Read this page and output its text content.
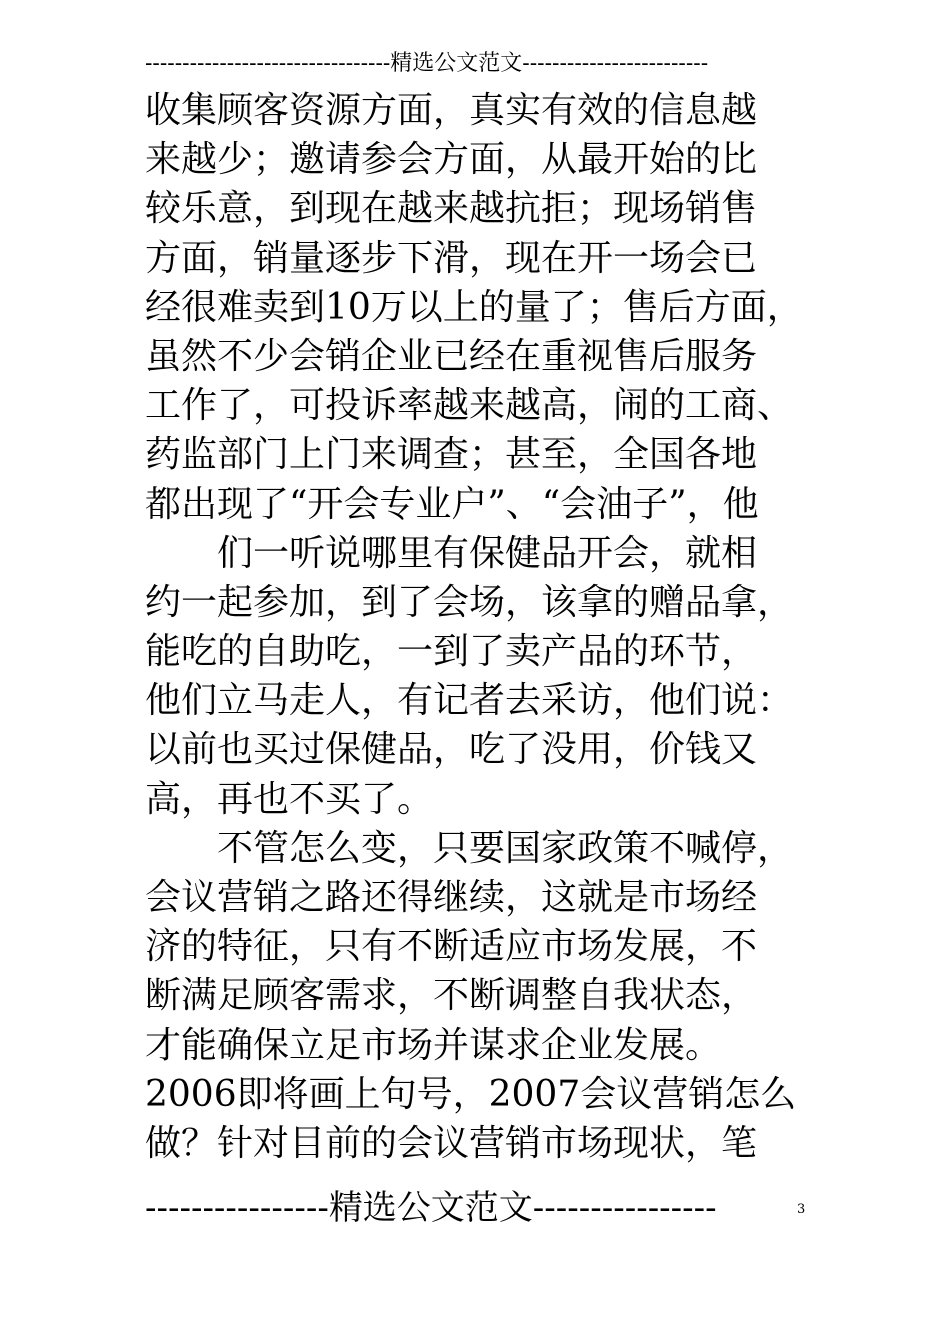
---------------------------------精选公文范文-------------------------
收集顾客资源方面，真实有效的信息越
来越少；邀请参会方面，从最开始的比
较乐意，到现在越来越抗拒；现场销售
方面，销量逐步下滑，现在开一场会已
经很难卖到10万以上的量了；售后方面，
虽然不少会销企业已经在重视售后服务
工作了，可投诉率越来越高，闹的工商、
药监部门上门来调查；甚至，全国各地
都出现了“开会专业户”、“会油子”，他
们一听说哪里有保健品开会，就相
约一起参加，到了会场，该拿的赠品拿，
能吃的自助吃，一到了卖产品的环节，
他们立马走人，有记者去采访，他们说：
以前也买过保健品，吃了没用，价钱又
高，再也不买了。
不管怎么变，只要国家政策不喊停，
会议营销之路还得继续，这就是市场经
济的特征，只有不断适应市场发展，不
断满足顾客需求，不断调整自我状态，
才能确保立足市场并谋求企业发展。
2006即将画上句号，2007会议营销怎么
做？针对目前的会议营销市场现状，笔
----------------精选公文范文----------------	3
